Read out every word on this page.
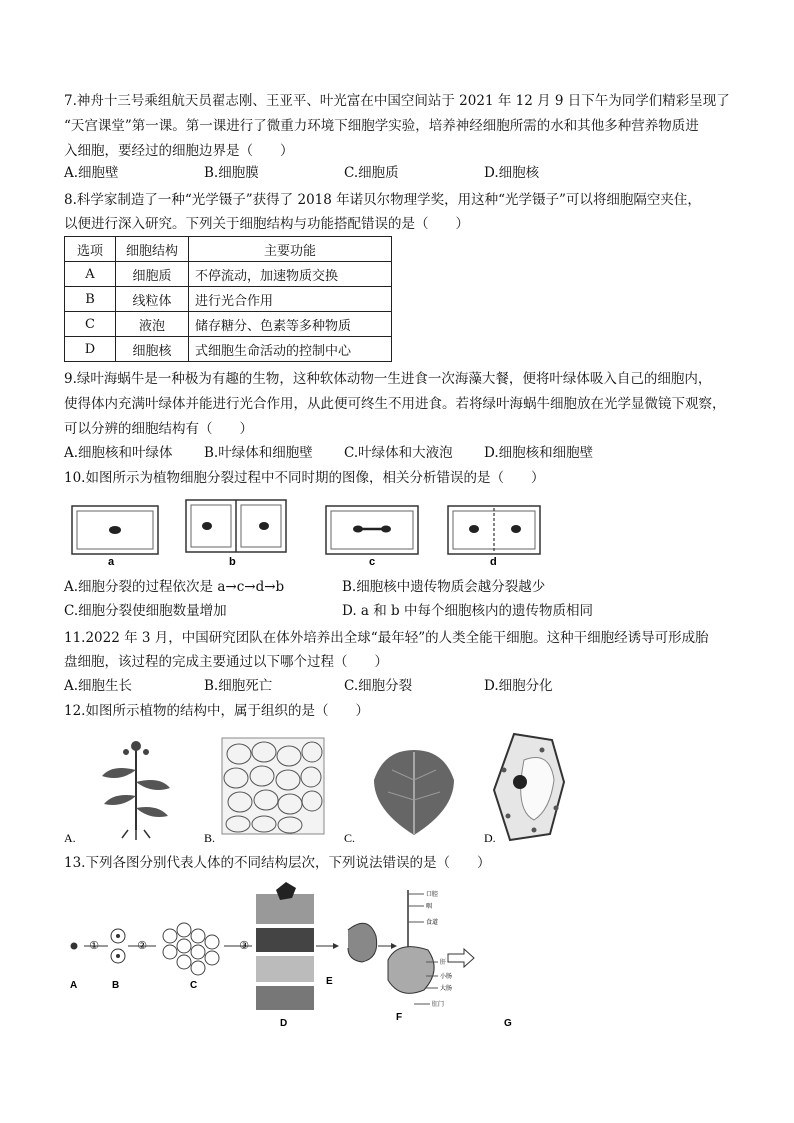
7.神舟十三号乘组航天员翟志刚、王亚平、叶光富在中国空间站于 2021 年 12 月 9 日下午为同学们精彩呈现了
“天宫课堂”第一课。第一课进行了微重力环境下细胞学实验，培养神经细胞所需的水和其他多种营养物质进
入细胞，要经过的细胞边界是（　　）
A.细胞壁	B.细胞膜	C.细胞质	D.细胞核
8.科学家制造了一种“光学镊子”获得了 2018 年诺贝尔物理学奖，用这种“光学镊子”可以将细胞隔空夹住，
以便进行深入研究。下列关于细胞结构与功能搭配错误的是（　　）
选项	细胞结构	主要功能
A	细胞质	不停流动，加速物质交换
B	线粒体	进行光合作用
C	液泡	储存糖分、色素等多种物质
D	细胞核	式细胞生命活动的控制中心
9.绿叶海蜗牛是一种极为有趣的生物，这种软体动物一生进食一次海藻大餐，便将叶绿体吸入自己的细胞内，
使得体内充满叶绿体并能进行光合作用，从此便可终生不用进食。若将绿叶海蜗牛细胞放在光学显微镜下观察，
可以分辨的细胞结构有（　　）
A.细胞核和叶绿体 B.叶绿体和细胞壁 C.叶绿体和大液泡 D.细胞核和细胞壁
10.如图所示为植物细胞分裂过程中不同时期的图像，相关分析错误的是（　　）
a	b	c	d
A.细胞分裂的过程依次是 a→c→d→b	B.细胞核中遗传物质会越分裂越少
C.细胞分裂使细胞数量增加	D. a 和 b 中每个细胞核内的遗传物质相同
11.2022 年 3 月，中国研究团队在体外培养出全球“最年轻”的人类全能干细胞。这种干细胞经诱导可形成胎
盘细胞，该过程的完成主要通过以下哪个过程（　　）
A.细胞生长	B.细胞死亡	C.细胞分裂	D.细胞分化
12.如图所示植物的结构中，属于组织的是（　　）
A.	B.	C.	D.
13.下列各图分别代表人体的不同结构层次，下列说法错误的是（　　）
①	②	③
口腔
咽
食道
肝
小肠
大肠
肛门
A	B	C
D
E
F
G
